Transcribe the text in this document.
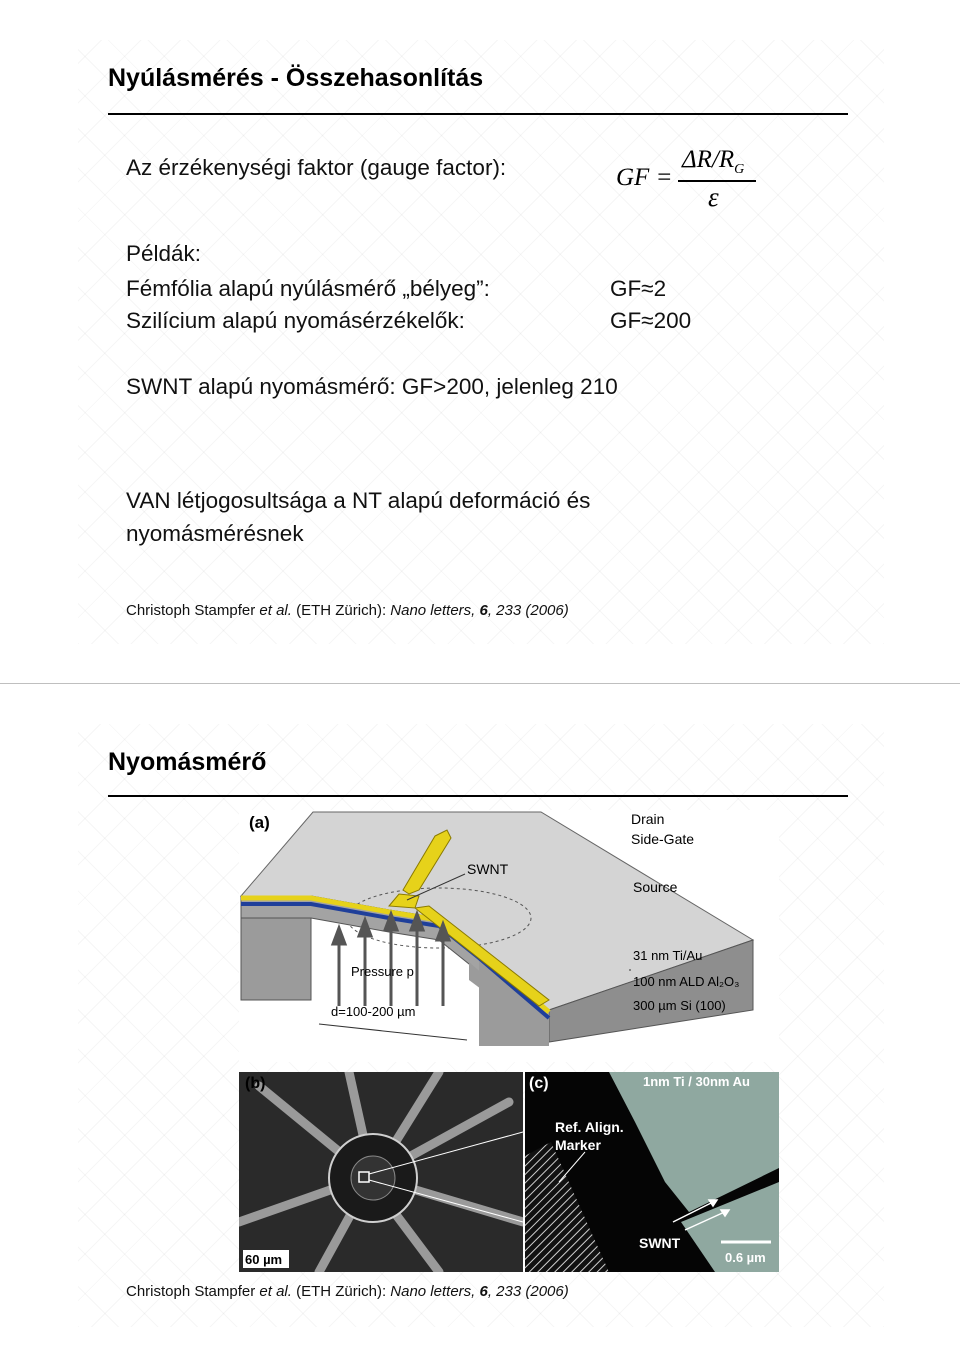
Nyúlásmérés - Összehasonlítás
Az érzékenységi faktor (gauge factor):	GF =
$\Delta R/R_G$
ε
Példák:
Fémfólia alapú nyúlásmérő „bélyeg”:	GF≈2
Szilícium alapú nyomásérzékelők:	GF≈200
SWNT alapú nyomásmérő: GF>200, jelenleg 210
VAN létjogosultsága a NT alapú deformáció és
nyomásmérésnek
Christoph Stampfer et al. (ETH Zürich): Nano letters, 6, 233 (2006)
Nyomásmérő
(a)	Drain
Side-Gate
SWNT
Source
31 nm Ti/Au
100 nm ALD Al₂O₃
300 µm Si (100)
Pressure p
d=100-200 µm
(b)
60 µm
(c)	1nm Ti / 30nm Au
Ref. Align.
Marker
SWNT
0.6 µm
Christoph Stampfer et al. (ETH Zürich): Nano letters, 6, 233 (2006)
